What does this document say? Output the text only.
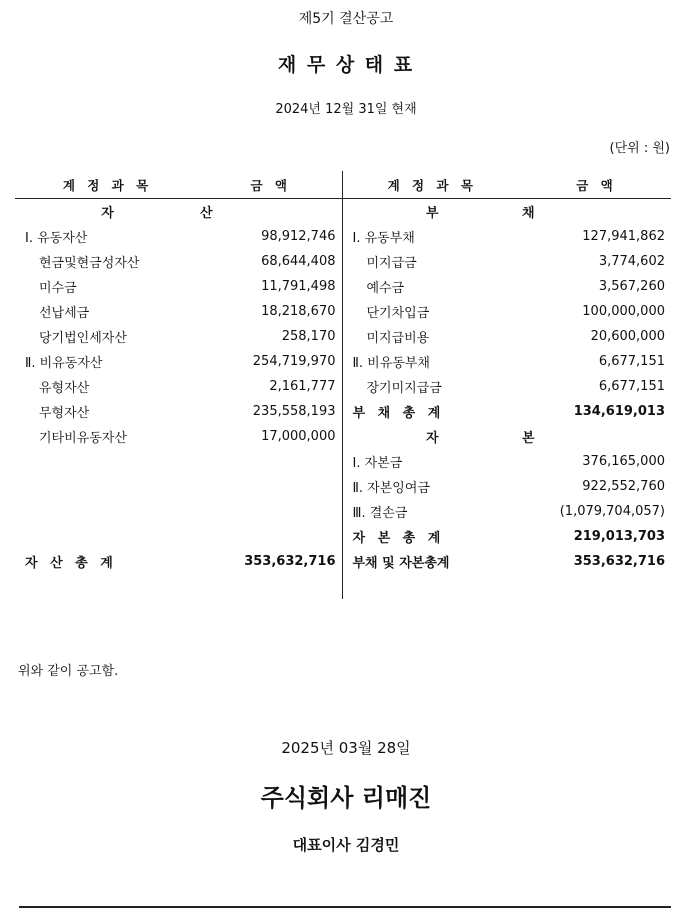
제5기 결산공고
재 무 상 태 표
2024년 12월 31일 현재
(단위 : 원)
계 정 과 목	금 액	계 정 과 목	금 액
자	산	부	채
Ⅰ. 유동자산	98,912,746	Ⅰ. 유동부채	127,941,862
현금및현금성자산	68,644,408	미지급금	3,774,602
미수금	11,791,498	예수금	3,567,260
선납세금	18,218,670	단기차입금	100,000,000
당기법인세자산	258,170	미지급비용	20,600,000
Ⅱ. 비유동자산	254,719,970	Ⅱ. 비유동부채	6,677,151
유형자산	2,161,777	장기미지급금	6,677,151
무형자산	235,558,193	부 채 총 계	134,619,013
기타비유동자산	17,000,000	자	본
		Ⅰ. 자본금	376,165,000
		Ⅱ. 자본잉여금	922,552,760
		Ⅲ. 결손금	(1,079,704,057)
		자 본 총 계	219,013,703
자 산 총 계	353,632,716	부채 및 자본총계	353,632,716

위와 같이 공고함.
2025년 03월 28일
주식회사 리매진
대표이사 김경민
